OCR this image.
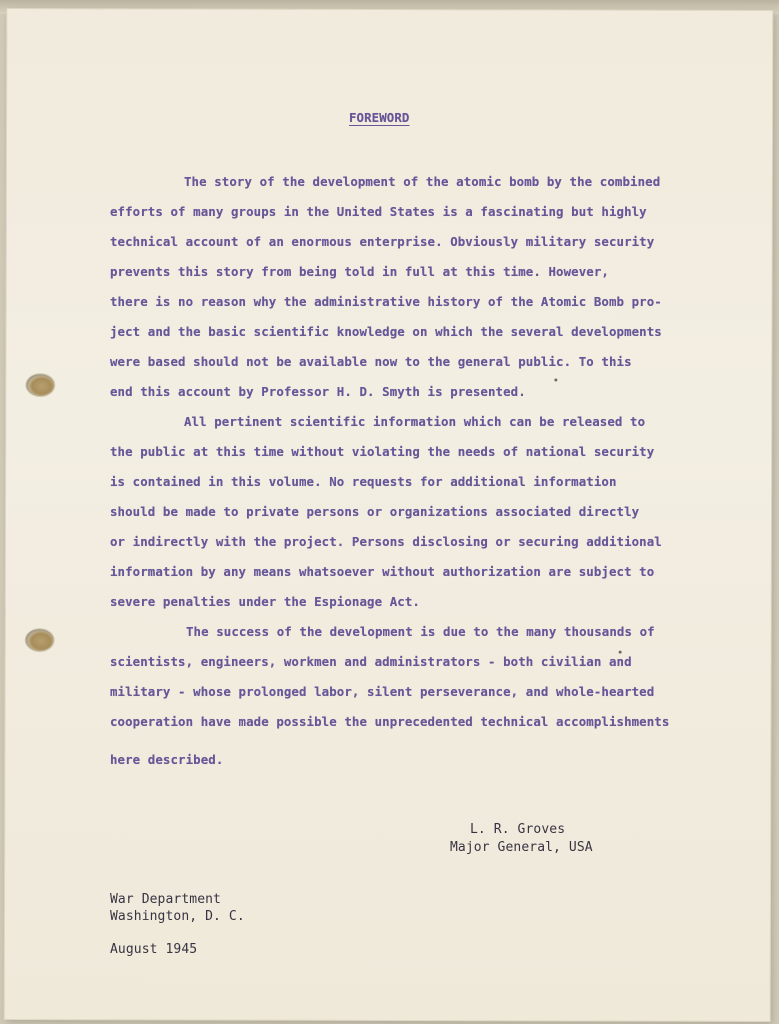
FOREWORD
The story of the development of the atomic bomb by the combined
efforts of many groups in the United States is a fascinating but highly
technical account of an enormous enterprise. Obviously military security
prevents this story from being told in full at this time. However,
there is no reason why the administrative history of the Atomic Bomb pro-
ject and the basic scientific knowledge on which the several developments
were based should not be available now to the general public. To this
end this account by Professor H. D. Smyth is presented.
All pertinent scientific information which can be released to
the public at this time without violating the needs of national security
is contained in this volume. No requests for additional information
should be made to private persons or organizations associated directly
or indirectly with the project. Persons disclosing or securing additional
information by any means whatsoever without authorization are subject to
severe penalties under the Espionage Act.
The success of the development is due to the many thousands of
scientists, engineers, workmen and administrators - both civilian and
military - whose prolonged labor, silent perseverance, and whole-hearted
cooperation have made possible the unprecedented technical accomplishments
here described.
L. R. Groves
Major General, USA
War Department
Washington, D. C.
August 1945
